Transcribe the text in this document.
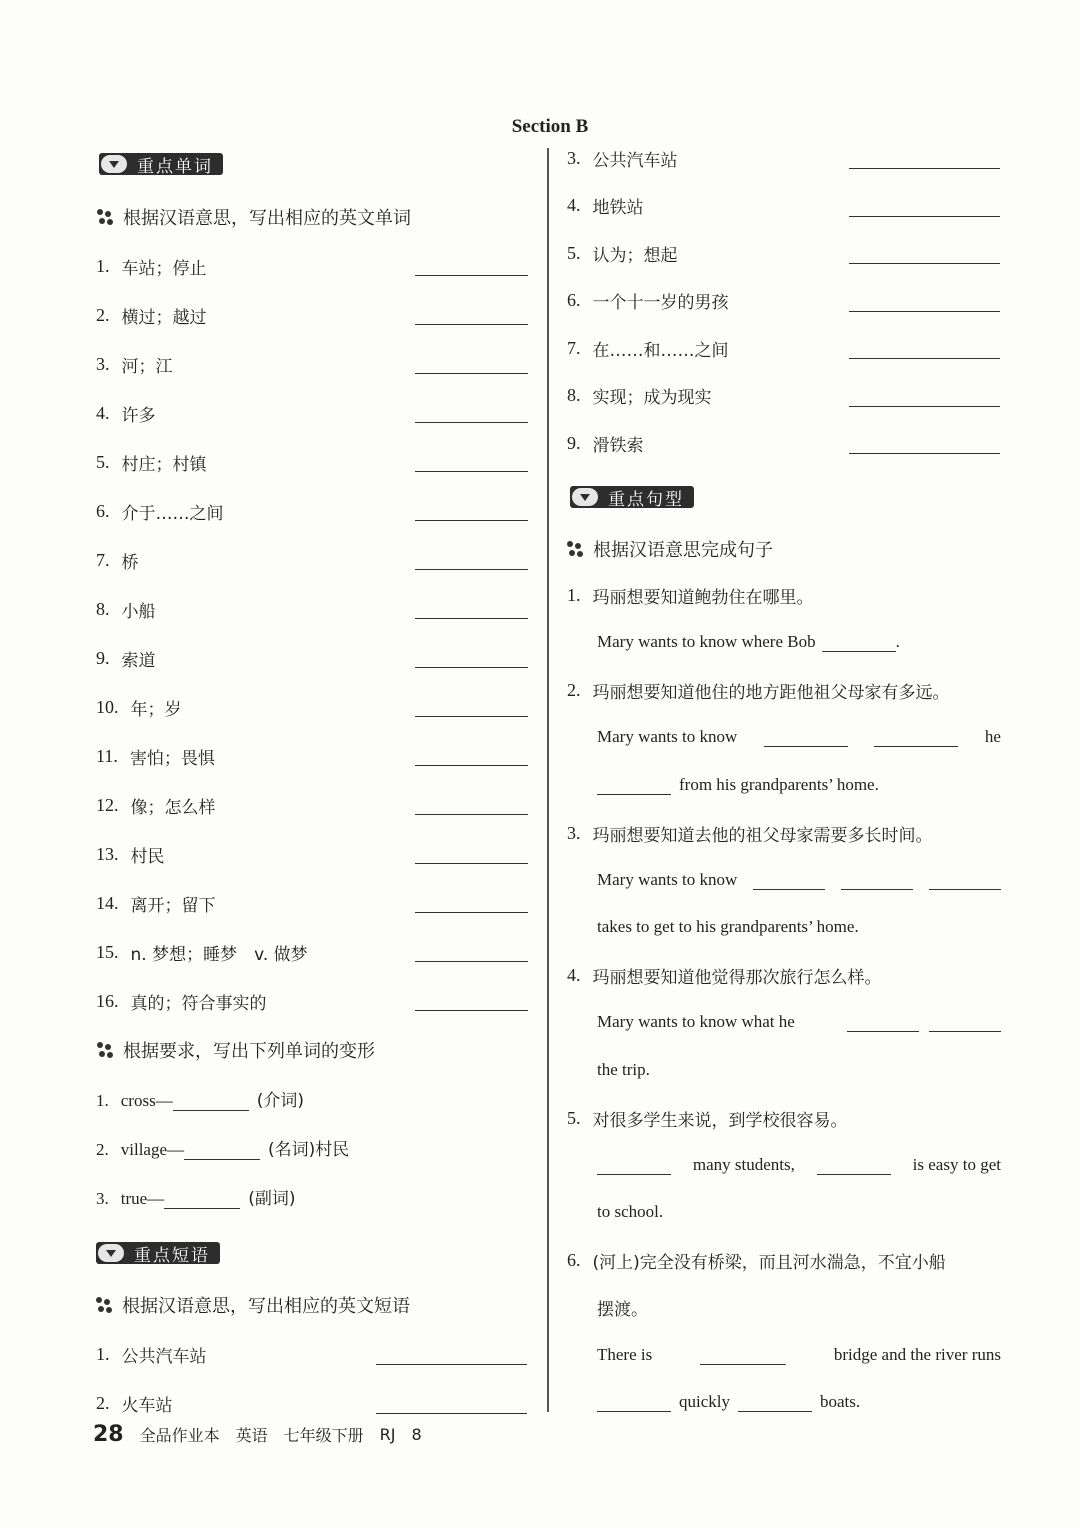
Section B
重点单词
根据汉语意思，写出相应的英文单词
1. 车站；停止
2. 横过；越过
3. 河；江
4. 许多
5. 村庄；村镇
6. 介于……之间
7. 桥
8. 小船
9. 索道
10. 年；岁
11. 害怕；畏惧
12. 像；怎么样
13. 村民
14. 离开；留下
15. n. 梦想；睡梦　v. 做梦
16. 真的；符合事实的
根据要求，写出下列单词的变形
1. cross—	(介词)
2. village—	(名词)村民
3. true—	(副词)
重点短语
根据汉语意思，写出相应的英文短语
1. 公共汽车站
2. 火车站
3. 公共汽车站
4. 地铁站
5. 认为；想起
6. 一个十一岁的男孩
7. 在……和……之间
8. 实现；成为现实
9. 滑铁索
重点句型
根据汉语意思完成句子
1. 玛丽想要知道鲍勃住在哪里。
Mary wants to know where Bob	.
2. 玛丽想要知道他住的地方距他祖父母家有多远。
Mary wants to know	he
from his grandparents’ home.
3. 玛丽想要知道去他的祖父母家需要多长时间。
Mary wants to know
takes to get to his grandparents’ home.
4. 玛丽想要知道他觉得那次旅行怎么样。
Mary wants to know what he
the trip.
5. 对很多学生来说，到学校很容易。
many students,	is easy to get
to school.
6. (河上)完全没有桥梁，而且河水湍急，不宜小船
摆渡。
There is	bridge and the river runs
quickly	boats.
28 全品作业本 英语 七年级下册 RJ 8
